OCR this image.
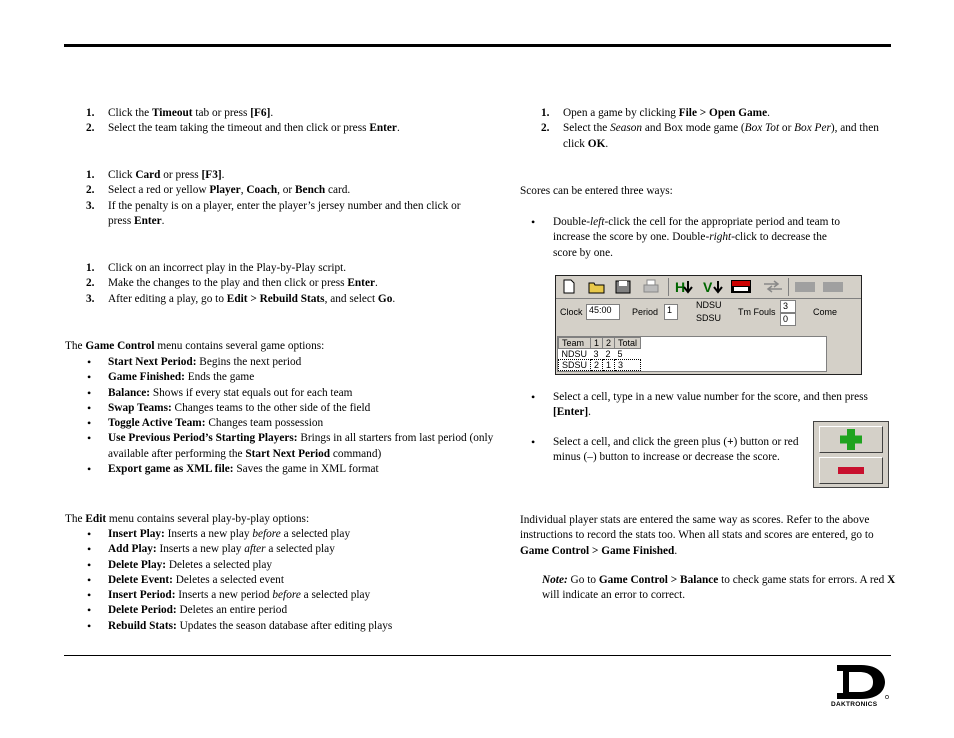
1. Click the Timeout tab or press [F6].
2. Select the team taking the timeout and then click or press Enter.
1. Click Card or press [F3].
2. Select a red or yellow Player, Coach, or Bench card.
3. If the penalty is on a player, enter the player’s jersey number and then click or press Enter.
1. Click on an incorrect play in the Play-by-Play script.
2. Make the changes to the play and then click or press Enter.
3. After editing a play, go to Edit > Rebuild Stats, and select Go.

The Game Control menu contains several game options:

• Start Next Period: Begins the next period
• Game Finished: Ends the game
• Balance: Shows if every stat equals out for each team
• Swap Teams: Changes teams to the other side of the field
• Toggle Active Team: Changes team possession
• Use Previous Period’s Starting Players: Brings in all starters from last period (only available after performing the Start Next Period command)
• Export game as XML file: Saves the game in XML format

The Edit menu contains several play-by-play options:

• Insert Play: Inserts a new play before a selected play
• Add Play: Inserts a new play after a selected play
• Delete Play: Deletes a selected play
• Delete Event: Deletes a selected event
• Insert Period: Inserts a new period before a selected play
• Delete Period: Deletes an entire period
• Rebuild Stats: Updates the season database after editing plays
1. Open a game by clicking File > Open Game.
2. Select the Season and Box mode game (Box Tot or Box Per), and then click OK.

Scores can be entered three ways:

• Double-left-click the cell for the appropriate period and team to increase the score by one. Double-right-click to decrease the score by one.
H V
Clock 45:00	Period 1	NDSU
SDSU
Tm Fouls
3
0
Come
Team	1	2	Total
NDSU	3	2	5
SDSU	2	1	3
• Select a cell, type in a new value number for the score, and then press [Enter].
• Select a cell, and click the green plus (+) button or red minus (–) button to increase or decrease the score.

Individual player stats are entered the same way as scores. Refer to the above instructions to record the stats too. When all stats and scores are entered, go to Game Control > Game Finished.

Note: Go to Game Control > Balance to check game stats for errors. A red X will indicate an error to correct.

DAKTRONICS
